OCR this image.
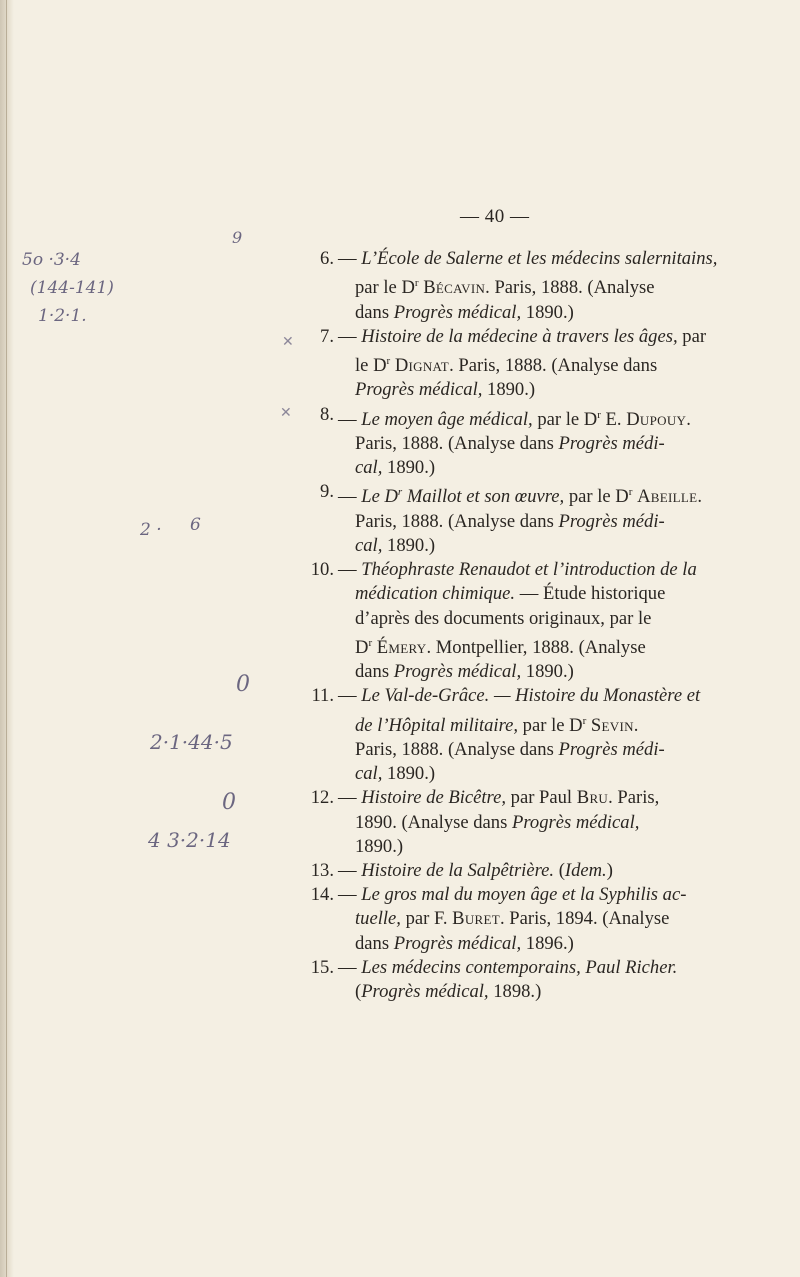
— 40 —
5o ·3·4
(144-141)
1·2·1.
9
2 · 6
0
2·1·44·5
0
4 3·2·14
✕
✕
6. — L’École de Salerne et les médecins salernitains,
par le $D^r$ Bécavin. Paris, 1888. (Analyse
dans Progrès médical, 1890.)
7. — Histoire de la médecine à travers les âges, par
le $D^r$ Dignat. Paris, 1888. (Analyse dans
Progrès médical, 1890.)
8. — Le moyen âge médical, par le $D^r$ E. Dupouy.
Paris, 1888. (Analyse dans Progrès médi-
cal, 1890.)
9. — Le $D^r$ Maillot et son œuvre, par le $D^r$ Abeille.
Paris, 1888. (Analyse dans Progrès médi-
cal, 1890.)
10. — Théophraste Renaudot et l’introduction de la
médication chimique. — Étude historique
d’après des documents originaux, par le
$D^r$ Émery. Montpellier, 1888. (Analyse
dans Progrès médical, 1890.)
11. — Le Val-de-Grâce. — Histoire du Monastère et
de l’Hôpital militaire, par le $D^r$ Sevin.
Paris, 1888. (Analyse dans Progrès médi-
cal, 1890.)
12. — Histoire de Bicêtre, par Paul Bru. Paris,
1890. (Analyse dans Progrès médical,
1890.)
13. — Histoire de la Salpêtrière. (Idem.)
14. — Le gros mal du moyen âge et la Syphilis ac-
tuelle, par F. Buret. Paris, 1894. (Analyse
dans Progrès médical, 1896.)
15. — Les médecins contemporains, Paul Richer.
(Progrès médical, 1898.)
